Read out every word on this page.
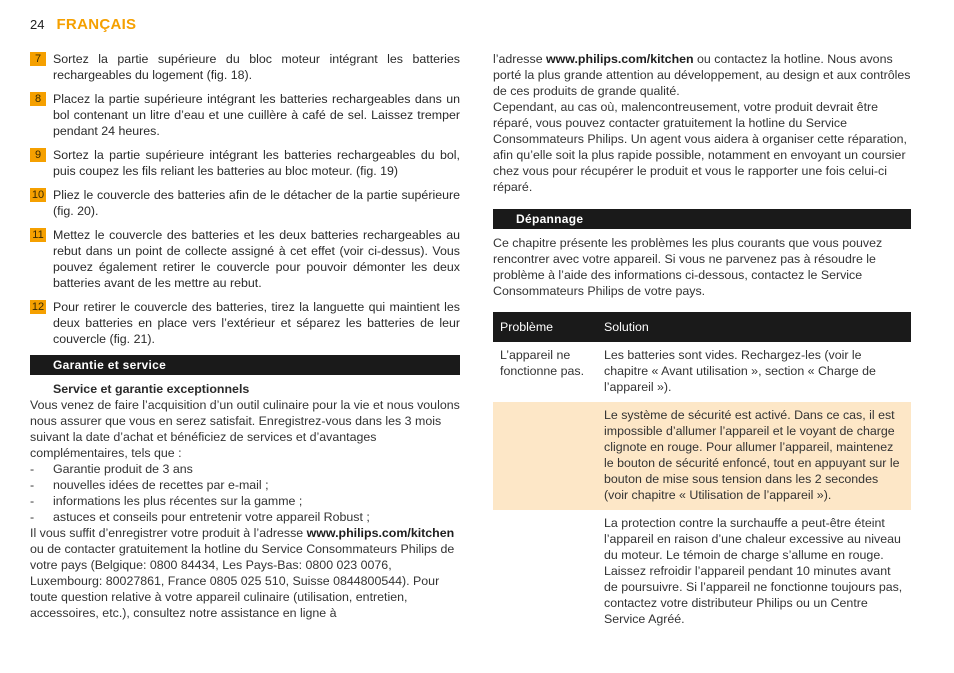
24 FRANÇAIS
7 Sortez la partie supérieure du bloc moteur intégrant les batteries rechargeables du logement (fig. 18).
8 Placez la partie supérieure intégrant les batteries rechargeables dans un bol contenant un litre d’eau et une cuillère à café de sel. Laissez tremper pendant 24 heures.
9 Sortez la partie supérieure intégrant les batteries rechargeables du bol, puis coupez les fils reliant les batteries au bloc moteur. (fig. 19)
10 Pliez le couvercle des batteries afin de le détacher de la partie supérieure (fig. 20).
11 Mettez le couvercle des batteries et les deux batteries rechargeables au rebut dans un point de collecte assigné à cet effet (voir ci-dessus). Vous pouvez également retirer le couvercle pour pouvoir démonter les deux batteries avant de les mettre au rebut.
12 Pour retirer le couvercle des batteries, tirez la languette qui maintient les deux batteries en place vers l’extérieur et séparez les batteries de leur couvercle (fig. 21).
Garantie et service
Service et garantie exceptionnels
Vous venez de faire l’acquisition d’un outil culinaire pour la vie et nous voulons nous assurer que vous en serez satisfait. Enregistrez-vous dans les 3 mois suivant la date d’achat et bénéficiez de services et d’avantages complémentaires, tels que :
- Garantie produit de 3 ans
- nouvelles idées de recettes par e-mail ;
- informations les plus récentes sur la gamme ;
- astuces et conseils pour entretenir votre appareil Robust ;
Il vous suffit d’enregistrer votre produit à l’adresse www.philips.com/kitchen ou de contacter gratuitement la hotline du Service Consommateurs Philips de votre pays (Belgique: 0800 84434, Les Pays-Bas: 0800 023 0076, Luxembourg: 80027861, France 0805 025 510, Suisse 0844800544). Pour toute question relative à votre appareil culinaire (utilisation, entretien, accessoires, etc.), consultez notre assistance en ligne à
l’adresse www.philips.com/kitchen ou contactez la hotline. Nous avons porté la plus grande attention au développement, au design et aux contrôles de ces produits de grande qualité.
Cependant, au cas où, malencontreusement, votre produit devrait être réparé, vous pouvez contacter gratuitement la hotline du Service Consommateurs Philips. Un agent vous aidera à organiser cette réparation, afin qu’elle soit la plus rapide possible, notamment en envoyant un coursier chez vous pour récupérer le produit et vous le rapporter une fois celui-ci réparé.
Dépannage
Ce chapitre présente les problèmes les plus courants que vous pouvez rencontrer avec votre appareil. Si vous ne parvenez pas à résoudre le problème à l’aide des informations ci-dessous, contactez le Service Consommateurs Philips de votre pays.
Problème	Solution
L’appareil ne fonctionne pas.	Les batteries sont vides. Rechargez-les (voir le chapitre « Avant utilisation », section « Charge de l’appareil »).
	Le système de sécurité est activé. Dans ce cas, il est impossible d’allumer l’appareil et le voyant de charge clignote en rouge. Pour allumer l’appareil, maintenez le bouton de sécurité enfoncé, tout en appuyant sur le bouton de mise sous tension dans les 2 secondes (voir chapitre « Utilisation de l’appareil »).
	La protection contre la surchauffe a peut-être éteint l’appareil en raison d’une chaleur excessive au niveau du moteur. Le témoin de charge s’allume en rouge. Laissez refroidir l’appareil pendant 10 minutes avant de poursuivre. Si l’appareil ne fonctionne toujours pas, contactez votre distributeur Philips ou un Centre Service Agréé.
